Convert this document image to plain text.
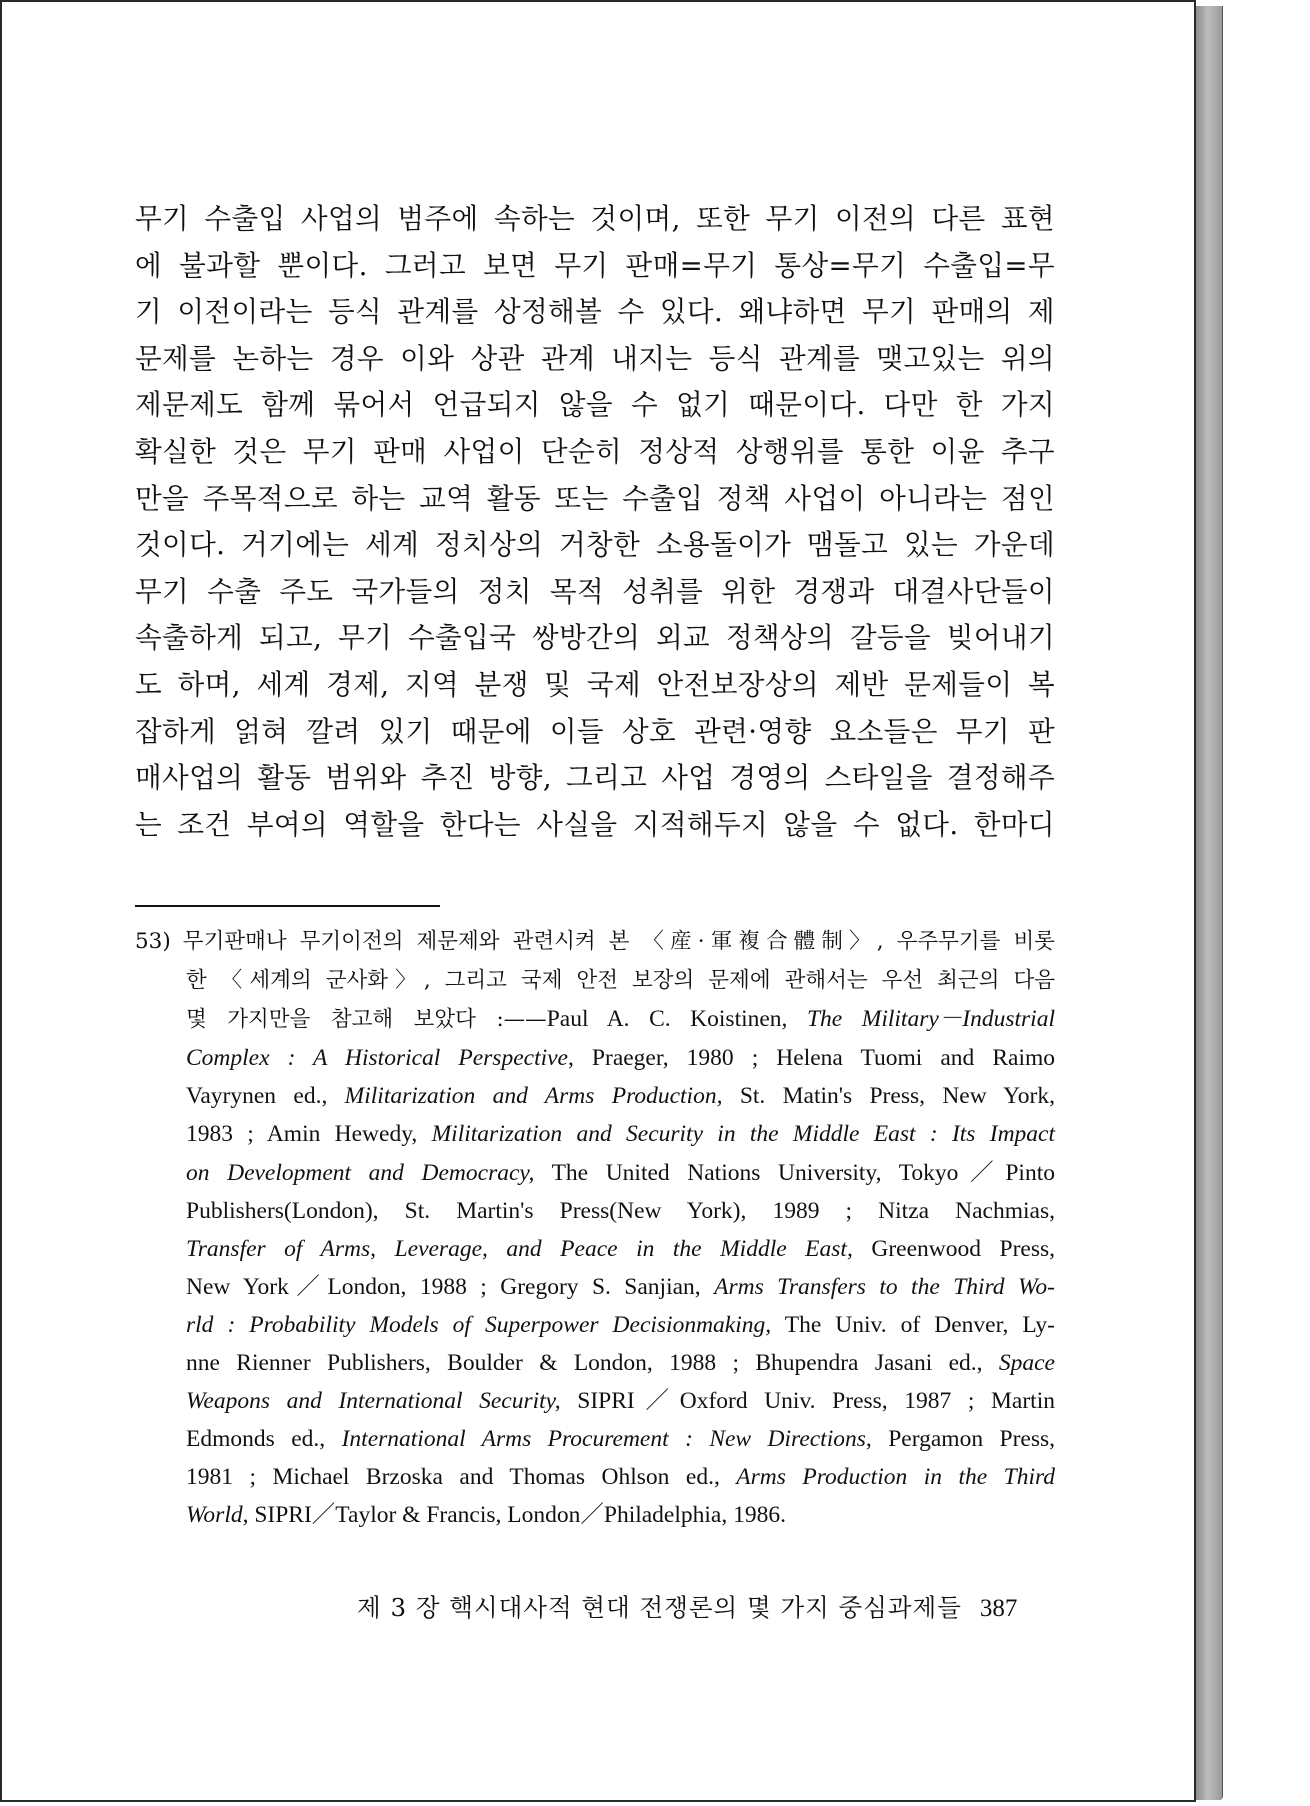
무기 수출입 사업의 범주에 속하는 것이며, 또한 무기 이전의 다른 표현
에 불과할 뿐이다. 그러고 보면 무기 판매=무기 통상=무기 수출입=무
기 이전이라는 등식 관계를 상정해볼 수 있다. 왜냐하면 무기 판매의 제
문제를 논하는 경우 이와 상관 관계 내지는 등식 관계를 맺고있는 위의
제문제도 함께 묶어서 언급되지 않을 수 없기 때문이다. 다만 한 가지
확실한 것은 무기 판매 사업이 단순히 정상적 상행위를 통한 이윤 추구
만을 주목적으로 하는 교역 활동 또는 수출입 정책 사업이 아니라는 점인
것이다. 거기에는 세계 정치상의 거창한 소용돌이가 맴돌고 있는 가운데
무기 수출 주도 국가들의 정치 목적 성취를 위한 경쟁과 대결사단들이
속출하게 되고, 무기 수출입국 쌍방간의 외교 정책상의 갈등을 빚어내기
도 하며, 세계 경제, 지역 분쟁 및 국제 안전보장상의 제반 문제들이 복
잡하게 얽혀 깔려 있기 때문에 이들 상호 관련·영향 요소들은 무기 판
매사업의 활동 범위와 추진 방향, 그리고 사업 경영의 스타일을 결정해주
는 조건 부여의 역할을 한다는 사실을 지적해두지 않을 수 없다. 한마디
53) 무기판매나 무기이전의 제문제와 관련시켜 본 〈産·軍複合體制〉, 우주무기를 비롯
한 〈세계의 군사화〉, 그리고 국제 안전 보장의 문제에 관해서는 우선 최근의 다음
몇 가지만을 참고해 보았다 :——Paul A. C. Koistinen, The Military－Industrial
Complex : A Historical Perspective, Praeger, 1980 ; Helena Tuomi and Raimo
Vayrynen ed., Militarization and Arms Production, St. Matin's Press, New York,
1983 ; Amin Hewedy, Militarization and Security in the Middle East : Its Impact
on Development and Democracy, The United Nations University, Tokyo／Pinto
Publishers(London), St. Martin's Press(New York), 1989 ; Nitza Nachmias,
Transfer of Arms, Leverage, and Peace in the Middle East, Greenwood Press,
New York／London, 1988 ; Gregory S. Sanjian, Arms Transfers to the Third Wo-
rld : Probability Models of Superpower Decisionmaking, The Univ. of Denver, Ly-
nne Rienner Publishers, Boulder & London, 1988 ; Bhupendra Jasani ed., Space
Weapons and International Security, SIPRI／Oxford Univ. Press, 1987 ; Martin
Edmonds ed., International Arms Procurement : New Directions, Pergamon Press,
1981 ; Michael Brzoska and Thomas Ohlson ed., Arms Production in the Third
World, SIPRI／Taylor & Francis, London／Philadelphia, 1986.
제 3 장 핵시대사적 현대 전쟁론의 몇 가지 중심과제들 387
